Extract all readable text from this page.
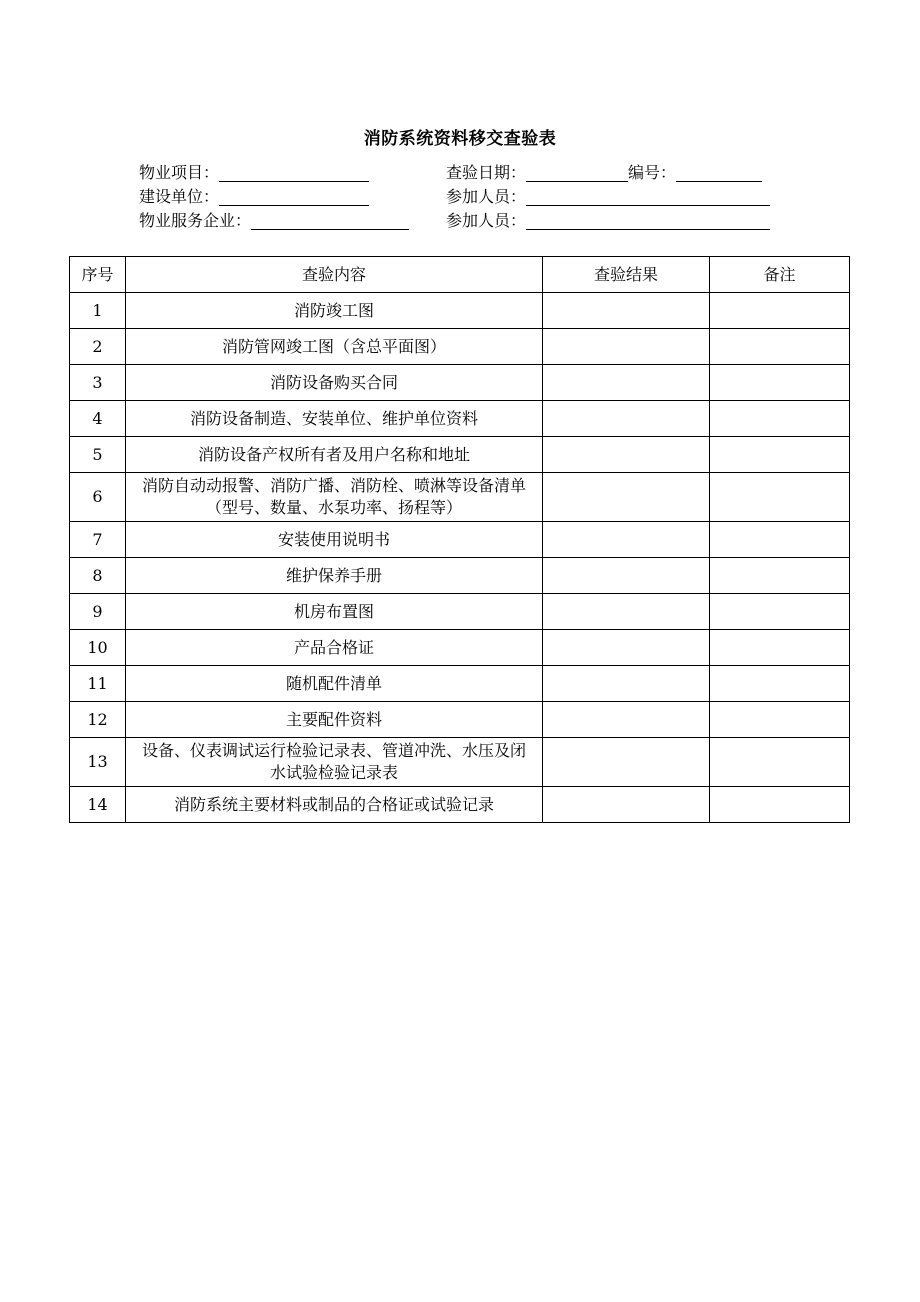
消防系统资料移交查验表
物业项目：	查验日期：	编号：
建设单位：	参加人员：
物业服务企业：	参加人员：
序号	查验内容	查验结果	备注
1	消防竣工图		
2	消防管网竣工图（含总平面图）		
3	消防设备购买合同		
4	消防设备制造、安装单位、维护单位资料		
5	消防设备产权所有者及用户名称和地址		
6	消防自动动报警、消防广播、消防栓、喷淋等设备清单（型号、数量、水泵功率、扬程等）		
7	安装使用说明书		
8	维护保养手册		
9	机房布置图		
10	产品合格证		
11	随机配件清单		
12	主要配件资料		
13	设备、仪表调试运行检验记录表、管道冲洗、水压及闭水试验检验记录表		
14	消防系统主要材料或制品的合格证或试验记录		
